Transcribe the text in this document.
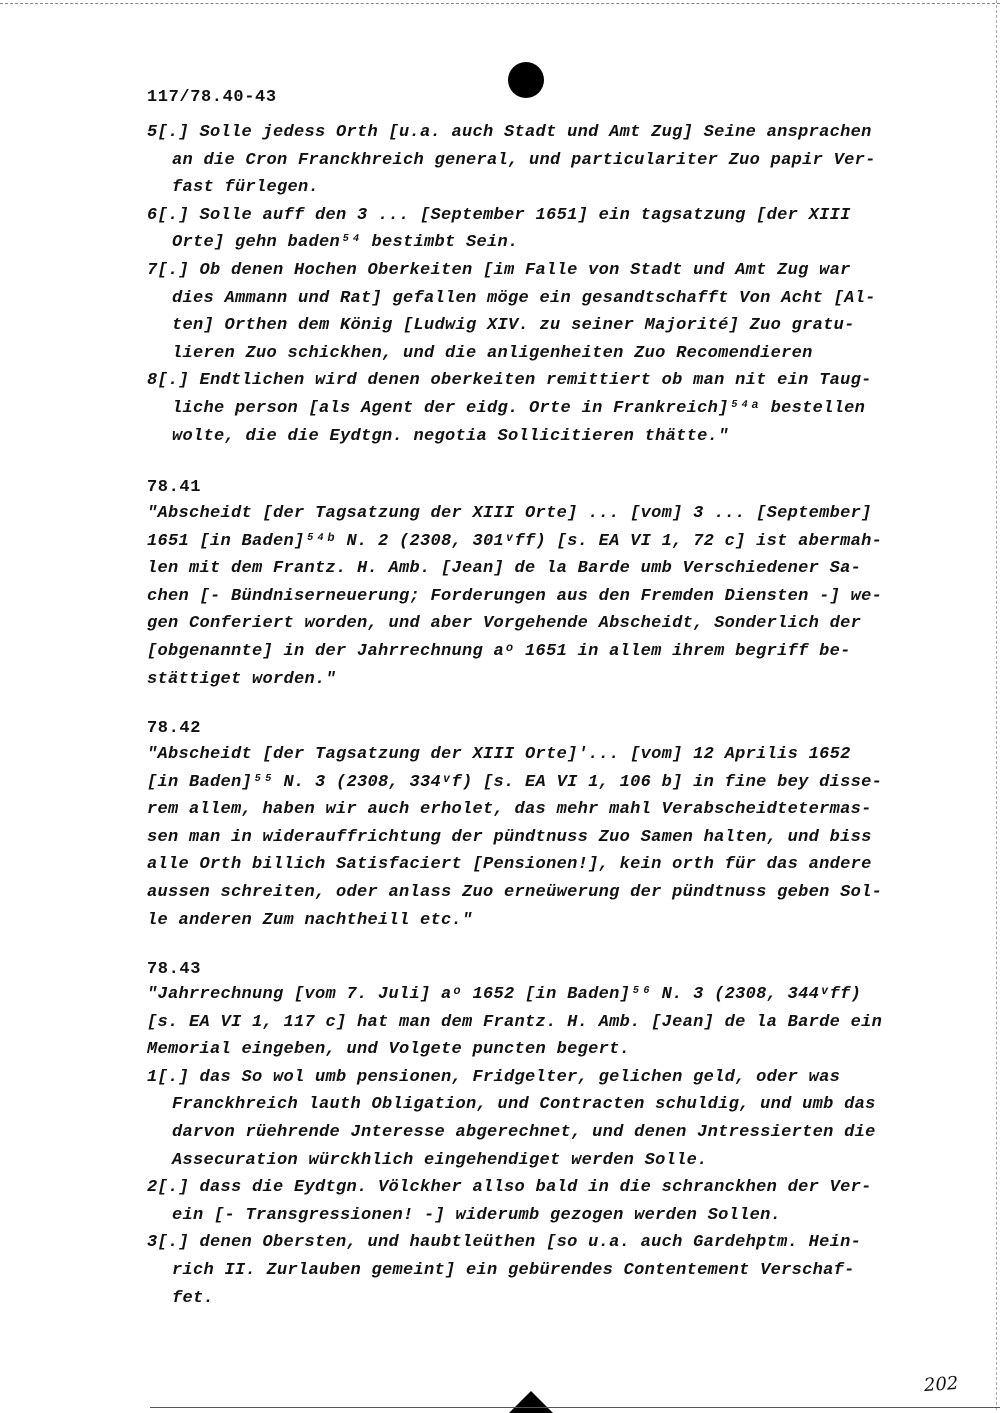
117/78.40-43
5[.] Solle jedess Orth [u.a. auch Stadt und Amt Zug] Seine ansprachen
an die Cron Franckhreich general, und particulariter Zuo papir Ver-
fast fürlegen.
6[.] Solle auff den 3 ... [September 1651] ein tagsatzung [der XIII
Orte] gehn baden⁵⁴ bestimbt Sein.
7[.] Ob denen Hochen Oberkeiten [im Falle von Stadt und Amt Zug war
dies Ammann und Rat] gefallen möge ein gesandtschafft Von Acht [Al-
ten] Orthen dem König [Ludwig XIV. zu seiner Majorité] Zuo gratu-
lieren Zuo schickhen, und die anligenheiten Zuo Recomendieren
8[.] Endtlichen wird denen oberkeiten remittiert ob man nit ein Taug-
liche person [als Agent der eidg. Orte in Frankreich]⁵⁴ᵃ bestellen
wolte, die die Eydtgn. negotia Sollicitieren thätte."
78.41
"Abscheidt [der Tagsatzung der XIII Orte] ... [vom] 3 ... [September]
1651 [in Baden]⁵⁴ᵇ N. 2 (2308, 301ᵛff) [s. EA VI 1, 72 c] ist abermah-
len mit dem Frantz. H. Amb. [Jean] de la Barde umb Verschiedener Sa-
chen [- Bündniserneuerung; Forderungen aus den Fremden Diensten -] we-
gen Conferiert worden, und aber Vorgehende Abscheidt, Sonderlich der
[obgenannte] in der Jahrrechnung aᵒ 1651 in allem ihrem begriff be-
stättiget worden."
78.42
"Abscheidt [der Tagsatzung der XIII Orte]'... [vom] 12 Aprilis 1652
[in Baden]⁵⁵ N. 3 (2308, 334ᵛf) [s. EA VI 1, 106 b] in fine bey disse-
rem allem, haben wir auch erholet, das mehr mahl Verabscheidtetermas-
sen man in widerauffrichtung der pündtnuss Zuo Samen halten, und biss
alle Orth billich Satisfaciert [Pensionen!], kein orth für das andere
aussen schreiten, oder anlass Zuo erneüwerung der pündtnuss geben Sol-
le anderen Zum nachtheill etc."
78.43
"Jahrrechnung [vom 7. Juli] aᵒ 1652 [in Baden]⁵⁶ N. 3 (2308, 344ᵛff)
[s. EA VI 1, 117 c] hat man dem Frantz. H. Amb. [Jean] de la Barde ein
Memorial eingeben, und Volgete puncten begert.
1[.] das So wol umb pensionen, Fridgelter, gelichen geld, oder was
Franckhreich lauth Obligation, und Contracten schuldig, und umb das
darvon rüehrende Jnteresse abgerechnet, und denen Jntressierten die
Assecuration würckhlich eingehendiget werden Solle.
2[.] dass die Eydtgn. Völckher allso bald in die schranckhen der Ver-
ein [- Transgressionen! -] widerumb gezogen werden Sollen.
3[.] denen Obersten, und haubtleüthen [so u.a. auch Gardehptm. Hein-
rich II. Zurlauben gemeint] ein gebürendes Contentement Verschaf-
fet.
202
